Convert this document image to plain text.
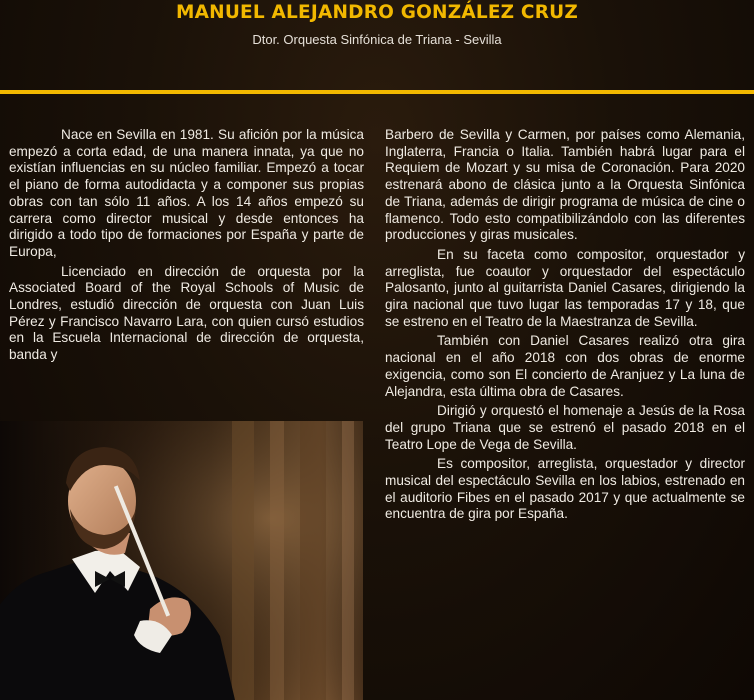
MANUEL ALEJANDRO GONZÁLEZ CRUZ
Dtor. Orquesta Sinfónica de Triana - Sevilla

Nace en Sevilla en 1981. Su afición por la música empezó a corta edad, de una manera innata, ya que no existían influencias en su núcleo familiar. Empezó a tocar el piano de forma autodidacta y a componer sus propias obras con tan sólo 11 años. A los 14 años empezó su carrera como director musical y desde entonces ha dirigido a todo tipo de formaciones por España y parte de Europa,

Licenciado en dirección de orquesta por la Associated Board of the Royal Schools of Music de Londres, estudió dirección de orquesta con Juan Luis Pérez y Francisco Navarro Lara, con quien cursó estudios en la Escuela Internacional de dirección de orquesta, banda y

Barbero de Sevilla y Carmen, por países como Alemania, Inglaterra, Francia o Italia. También habrá lugar para el Requiem de Mozart y su misa de Coronación. Para 2020 estrenará abono de clásica junto a la Orquesta Sinfónica de Triana, además de dirigir programa de música de cine o flamenco. Todo esto compatibilizándolo con las diferentes producciones y giras musicales.

En su faceta como compositor, orquestador y arreglista, fue coautor y orquestador del espectáculo Palosanto, junto al guitarrista Daniel Casares, dirigiendo la gira nacional que tuvo lugar las temporadas 17 y 18, que se estreno en el Teatro de la Maestranza de Sevilla.

También con Daniel Casares realizó otra gira nacional en el año 2018 con dos obras de enorme exigencia, como son El concierto de Aranjuez y La luna de Alejandra, esta última obra de Casares.

Dirigió y orquestó el homenaje a Jesús de la Rosa del grupo Triana que se estrenó el pasado 2018 en el Teatro Lope de Vega de Sevilla.

Es compositor, arreglista, orquestador y director musical del espectáculo Sevilla en los labios, estrenado en el auditorio Fibes en el pasado 2017 y que actualmente se encuentra de gira por España.
